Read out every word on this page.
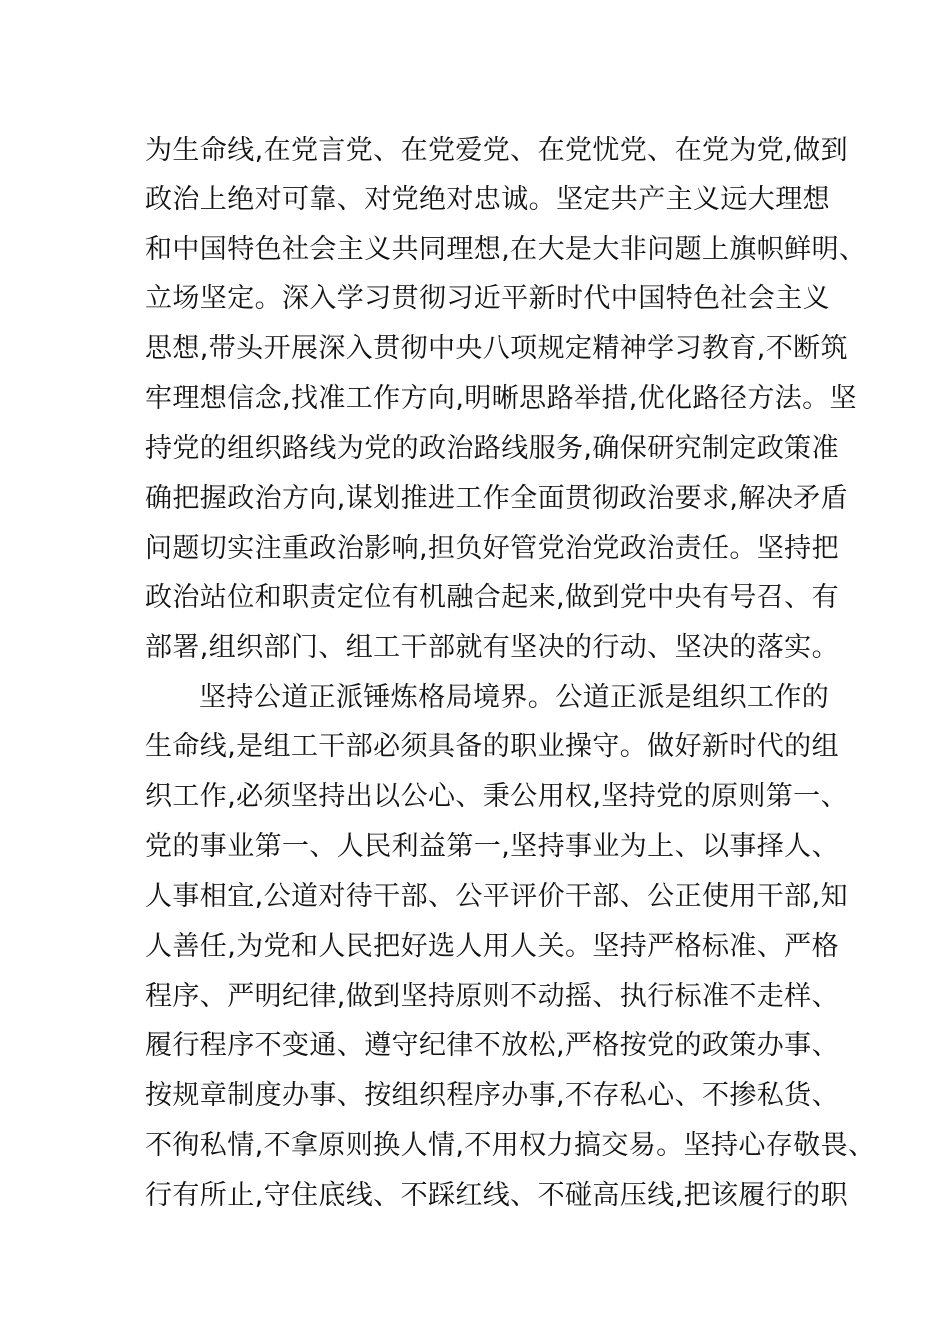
为生命线,在党言党、在党爱党、在党忧党、在党为党,做到
政治上绝对可靠、对党绝对忠诚。坚定共产主义远大理想
和中国特色社会主义共同理想,在大是大非问题上旗帜鲜明、
立场坚定。深入学习贯彻习近平新时代中国特色社会主义
思想,带头开展深入贯彻中央八项规定精神学习教育,不断筑
牢理想信念,找准工作方向,明晰思路举措,优化路径方法。坚
持党的组织路线为党的政治路线服务,确保研究制定政策准
确把握政治方向,谋划推进工作全面贯彻政治要求,解决矛盾
问题切实注重政治影响,担负好管党治党政治责任。坚持把
政治站位和职责定位有机融合起来,做到党中央有号召、有
部署,组织部门、组工干部就有坚决的行动、坚决的落实。
坚持公道正派锤炼格局境界。公道正派是组织工作的
生命线,是组工干部必须具备的职业操守。做好新时代的组
织工作,必须坚持出以公心、秉公用权,坚持党的原则第一、
党的事业第一、人民利益第一,坚持事业为上、以事择人、
人事相宜,公道对待干部、公平评价干部、公正使用干部,知
人善任,为党和人民把好选人用人关。坚持严格标准、严格
程序、严明纪律,做到坚持原则不动摇、执行标准不走样、
履行程序不变通、遵守纪律不放松,严格按党的政策办事、
按规章制度办事、按组织程序办事,不存私心、不掺私货、
不徇私情,不拿原则换人情,不用权力搞交易。坚持心存敬畏、
行有所止,守住底线、不踩红线、不碰高压线,把该履行的职
